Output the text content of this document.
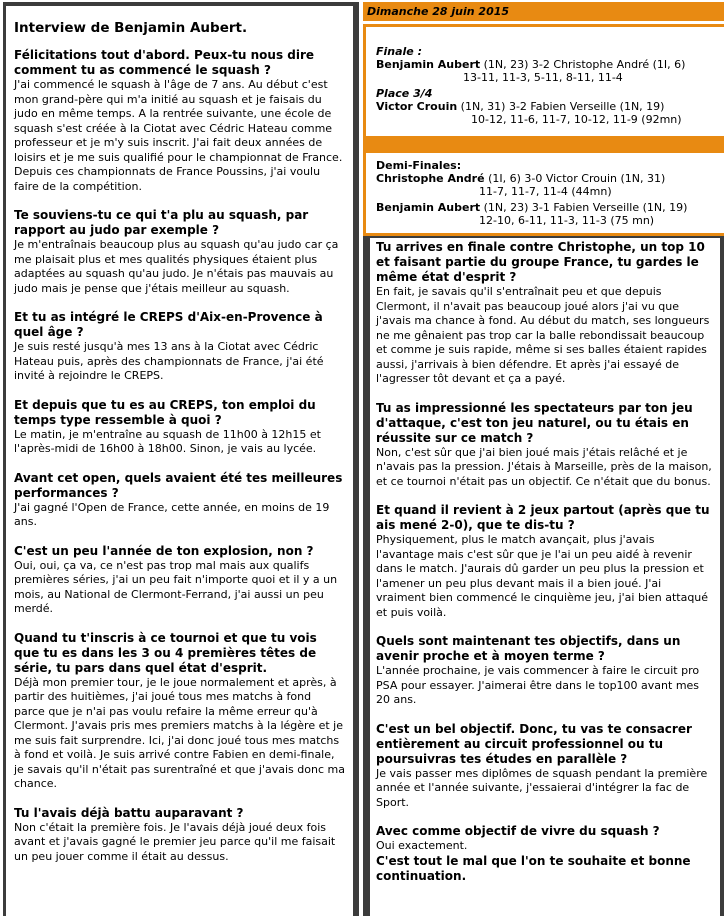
Interview de Benjamin Aubert.
Félicitations tout d'abord. Peux-tu nous dire comment tu as commencé le squash ?
J'ai commencé le squash à l'âge de 7 ans. Au début c'est mon grand-père qui m'a initié au squash et je faisais du judo en même temps. A la rentrée suivante, une école de squash s'est créée à la Ciotat avec Cédric Hateau comme professeur et je m'y suis inscrit. J'ai fait deux années de loisirs et je me suis qualifié pour le championnat de France. Depuis ces championnats de France Poussins, j'ai voulu faire de la compétition.
Te souviens-tu ce qui t'a plu au squash, par rapport au judo par exemple ?
Je m'entraînais beaucoup plus au squash qu'au judo car ça me plaisait plus et mes qualités physiques étaient plus adaptées au squash qu'au judo. Je n'étais pas mauvais au judo mais je pense que j'étais meilleur au squash.
Et tu as intégré le CREPS d'Aix-en-Provence à quel âge ?
Je suis resté jusqu'à mes 13 ans à la Ciotat avec Cédric Hateau puis, après des championnats de France, j'ai été invité à rejoindre le CREPS.
Et depuis que tu es au CREPS, ton emploi du temps type ressemble à quoi ?
Le matin, je m'entraîne au squash de 11h00 à 12h15 et l'après-midi de 16h00 à 18h00. Sinon, je vais au lycée.
Avant cet open, quels avaient été tes meilleures performances ?
J'ai gagné l'Open de France, cette année, en moins de 19 ans.
C'est un peu l'année de ton explosion, non ?
Oui, oui, ça va, ce n'est pas trop mal mais aux qualifs premières séries, j'ai un peu fait n'importe quoi et il y a un mois, au National de Clermont-Ferrand, j'ai aussi un peu merdé.
Quand tu t'inscris à ce tournoi et que tu vois que tu es dans les 3 ou 4 premières têtes de série, tu pars dans quel état d'esprit.
Déjà mon premier tour, je le joue normalement et après, à partir des huitièmes, j'ai joué tous mes matchs à fond parce que je n'ai pas voulu refaire la même erreur qu'à Clermont. J'avais pris mes premiers matchs à la légère et je me suis fait surprendre. Ici, j'ai donc joué tous mes matchs à fond et voilà. Je suis arrivé contre Fabien en demi-finale, je savais qu'il n'était pas surentraîné et que j'avais donc ma chance.
Tu l'avais déjà battu auparavant ?
Non c'était la première fois. Je l'avais déjà joué deux fois avant et j'avais gagné le premier jeu parce qu'il me faisait un peu jouer comme il était au dessus.
Dimanche 28 juin 2015
Finale :
Benjamin Aubert (1N, 23) 3-2 Christophe André (1I, 6)
13-11, 11-3, 5-11, 8-11, 11-4
Place 3/4
Victor Crouin (1N, 31) 3-2 Fabien Verseille (1N, 19)
10-12, 11-6, 11-7, 10-12, 11-9 (92mn)
Demi-Finales:
Christophe André (1I, 6) 3-0 Victor Crouin (1N, 31)
11-7, 11-7, 11-4 (44mn)
Benjamin Aubert (1N, 23) 3-1 Fabien Verseille (1N, 19)
12-10, 6-11, 11-3, 11-3 (75 mn)
Tu arrives en finale contre Christophe, un top 10 et faisant partie du groupe France, tu gardes le même état d'esprit ?
En fait, je savais qu'il s'entraînait peu et que depuis Clermont, il n'avait pas beaucoup joué alors j'ai vu que j'avais ma chance à fond. Au début du match, ses longueurs ne me gênaient pas trop car la balle rebondissait beaucoup et comme je suis rapide, même si ses balles étaient rapides aussi, j'arrivais à bien défendre. Et après j'ai essayé de l'agresser tôt devant et ça a payé.
Tu as impressionné les spectateurs par ton jeu d'attaque, c'est ton jeu naturel, ou tu étais en réussite sur ce match ?
Non, c'est sûr que j'ai bien joué mais j'étais relâché et je n'avais pas la pression. J'étais à Marseille, près de la maison, et ce tournoi n'était pas un objectif. Ce n'était que du bonus.
Et quand il revient à 2 jeux partout (après que tu ais mené 2-0), que te dis-tu ?
Physiquement, plus le match avançait, plus j'avais l'avantage mais c'est sûr que je l'ai un peu aidé à revenir dans le match. J'aurais dû garder un peu plus la pression et l'amener un peu plus devant mais il a bien joué. J'ai vraiment bien commencé le cinquième jeu, j'ai bien attaqué et puis voilà.
Quels sont maintenant tes objectifs, dans un avenir proche et à moyen terme ?
L'année prochaine, je vais commencer à faire le circuit pro PSA pour essayer. J'aimerai être dans le top100 avant mes 20 ans.
C'est un bel objectif. Donc, tu vas te consacrer entièrement au circuit professionnel ou tu poursuivras tes études en parallèle ?
Je vais passer mes diplômes de squash pendant la première année et l'année suivante, j'essaierai d'intégrer la fac de Sport.
Avec comme objectif de vivre du squash ?
Oui exactement.
C'est tout le mal que l'on te souhaite et bonne continuation.
